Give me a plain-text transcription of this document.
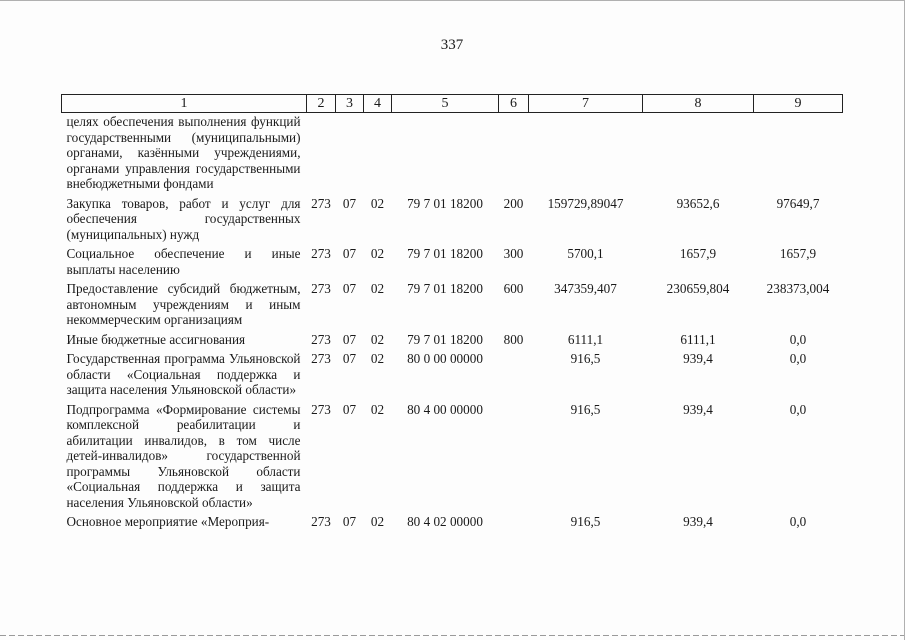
337
1	2	3	4	5	6	7	8	9
целях обеспечения выполнения функций государственными (муниципальными) органами, казёнными учреждениями, органами управления государственными внебюджетными фондами								
Закупка товаров, работ и услуг для обеспечения государственных (муниципальных) нужд	273	07	02	79 7 01 18200	200	159729,89047	93652,6	97649,7
Социальное обеспечение и иные выплаты населению	273	07	02	79 7 01 18200	300	5700,1	1657,9	1657,9
Предоставление субсидий бюджетным, автономным учреждениям и иным некоммерческим организациям	273	07	02	79 7 01 18200	600	347359,407	230659,804	238373,004
Иные бюджетные ассигнования	273	07	02	79 7 01 18200	800	6111,1	6111,1	0,0
Государственная программа Ульяновской области «Социальная поддержка и защита населения Ульяновской области»	273	07	02	80 0 00 00000		916,5	939,4	0,0
Подпрограмма «Формирование системы комплексной реабилитации и абилитации инвалидов, в том числе детей-инвалидов» государственной программы Ульяновской области «Социальная поддержка и защита населения Ульяновской области»	273	07	02	80 4 00 00000		916,5	939,4	0,0
Основное мероприятие «Мероприя-	273	07	02	80 4 02 00000		916,5	939,4	0,0
